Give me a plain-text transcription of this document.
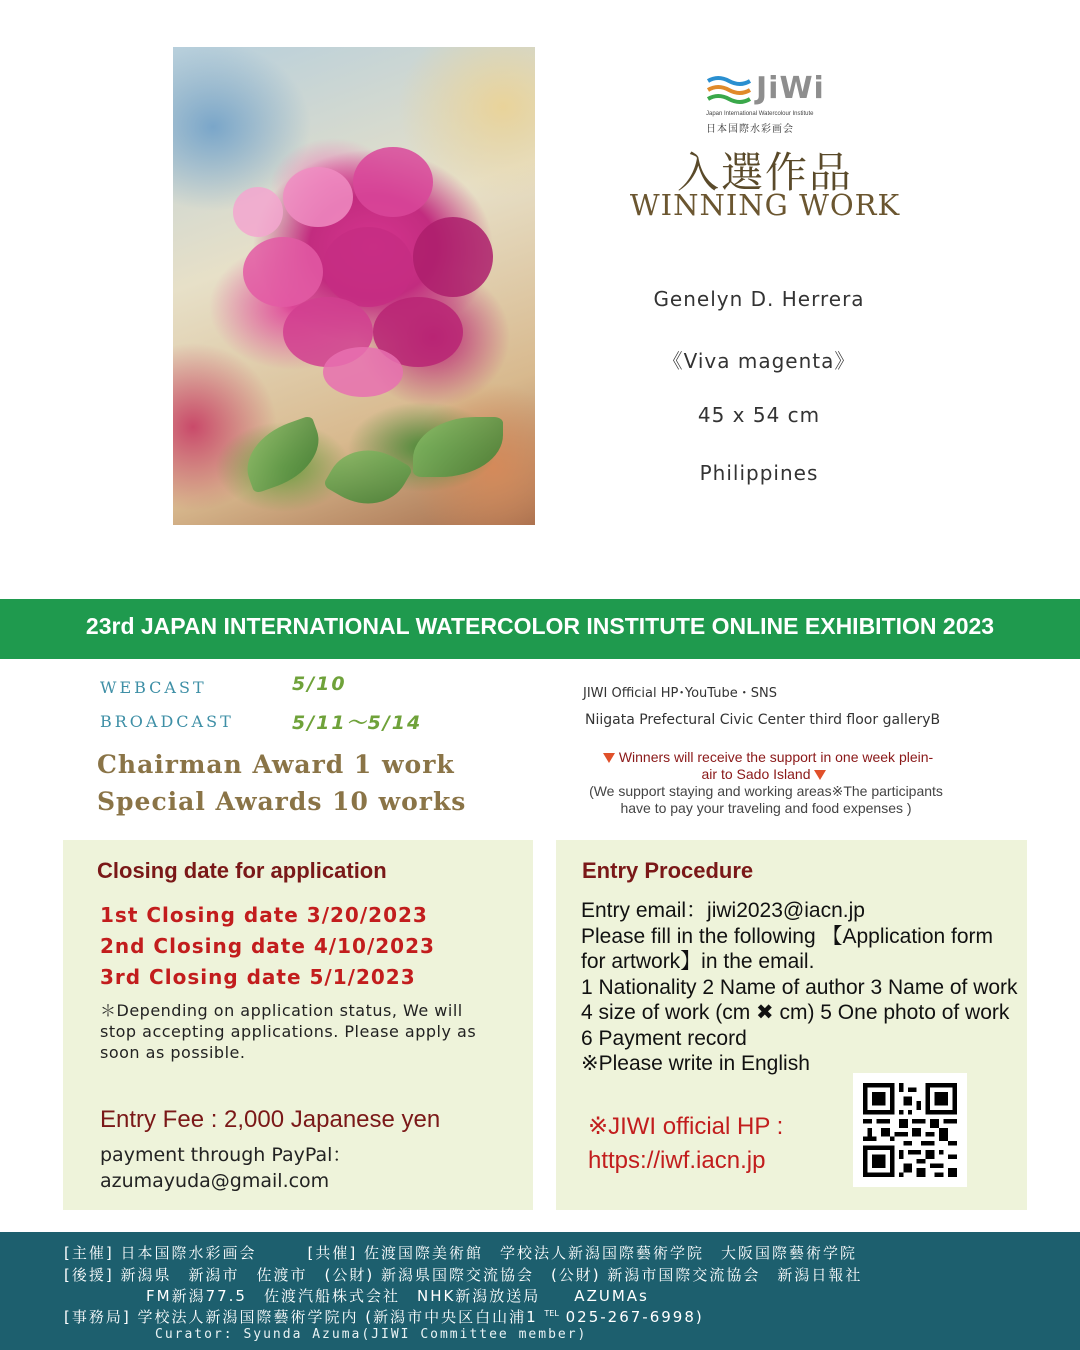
JiWi
Japan International Watercolour Institute
日本国際水彩画会
入選作品
WINNING WORK
Genelyn D. Herrera
《Viva magenta》
45 x 54 cm
Philippines
23rd JAPAN INTERNATIONAL WATERCOLOR INSTITUTE ONLINE EXHIBITION 2023
WEBCAST	5/10	JIWI Official HP･YouTube・SNS
BROADCAST	5/11～5/14	Niigata Prefectural Civic Center third floor galleryB
Chairman Award 1 work
Special Awards 10 works
Winners will receive the support in one week plein-
air to Sado Island
(We support staying and working areas※The participants
have to pay your traveling and food expenses )
Closing date for application
1st Closing date 3/20/2023
2nd Closing date 4/10/2023
3rd Closing date 5/1/2023
＊Depending on application status, We will stop accepting applications. Please apply as soon as possible.
Entry Fee : 2,000 Japanese yen
payment through PayPal：
azumayuda@gmail.com
Entry Procedure

Entry email：jiwi2023@iacn.jp

Please fill in the following 【Application form for artwork】in the email.

1 Nationality 2 Name of author 3 Name of work 4 size of work (cm ✖︎ cm) 5 One photo of work 6 Payment record

※Please write in English

※JIWI official HP :
https://iwf.iacn.jp
[主催] 日本国際水彩画会　　　[共催] 佐渡国際美術館　学校法人新潟国際藝術学院　大阪国際藝術学院
[後援] 新潟県　新潟市　佐渡市　(公財) 新潟県国際交流協会　(公財) 新潟市国際交流協会　新潟日報社
FM新潟77.5　佐渡汽船株式会社　NHK新潟放送局　　AZUMAs
[事務局] 学校法人新潟国際藝術学院内 (新潟市中央区白山浦1 $^{TEL}$ 025-267-6998)
Curator: Syunda Azuma(JIWI Committee member)
